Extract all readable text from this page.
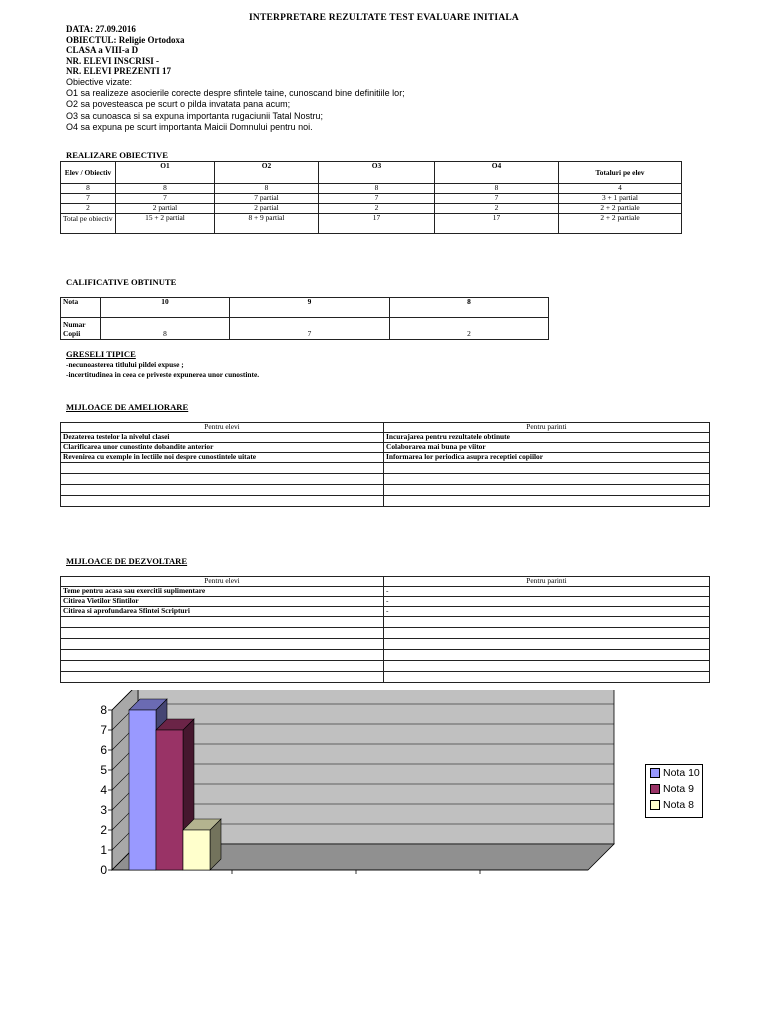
INTERPRETARE REZULTATE TEST EVALUARE INITIALA
DATA: 27.09.2016
OBIECTUL: Religie Ortodoxa
CLASA a VIII-a D
NR. ELEVI INSCRISI -
NR. ELEVI PREZENTI 17
Obiective vizate:
O1 sa realizeze asocierile corecte despre sfintele taine, cunoscand bine definitiile lor;
O2 sa povesteasca pe scurt o pilda invatata pana acum;
O3 sa cunoasca si sa expuna importanta rugaciunii Tatal Nostru;
O4 sa expuna pe scurt importanta Maicii Domnului pentru noi.
REALIZARE OBIECTIVE
Elev / Obiectiv	O1	O2	O3	O4	Totaluri pe elev
8	8	8	8	8	4
7	7	7 partial	7	7	3 + 1 partial
2	2 partial	2 partial	2	2	2 + 2 partiale
Total pe obiectiv	15 + 2 partial	8 + 9 partial	17	17	2 + 2 partiale
CALIFICATIVE OBTINUTE
Nota	10	9	8
Numar Copii	8	7	2
GRESELI TIPICE
-necunoasterea titlului pildei expuse ;
-incertitudinea in ceea ce priveste expunerea unor cunostinte.
MIJLOACE DE AMELIORARE
Pentru elevi	Pentru parinti
Dezaterea testelor la nivelul clasei	Incurajarea pentru rezultatele obtinute
Clarificarea unor cunostinte dobandite anterior	Colaborarea mai buna pe viitor
Revenirea cu exemple in lectiile noi despre cunostintele uitate	Informarea lor periodica asupra receptiei copiilor

MIJLOACE DE DEZVOLTARE
Pentru elevi	Pentru parinti
Teme pentru acasa sau exercitii suplimentare	-
Citirea Vietilor Sfintilor	-
Citirea si aprofundarea Sfintei Scripturi	-

0
1
2
3
4
5
6
7
8
Nota 10
Nota 9
Nota 8
